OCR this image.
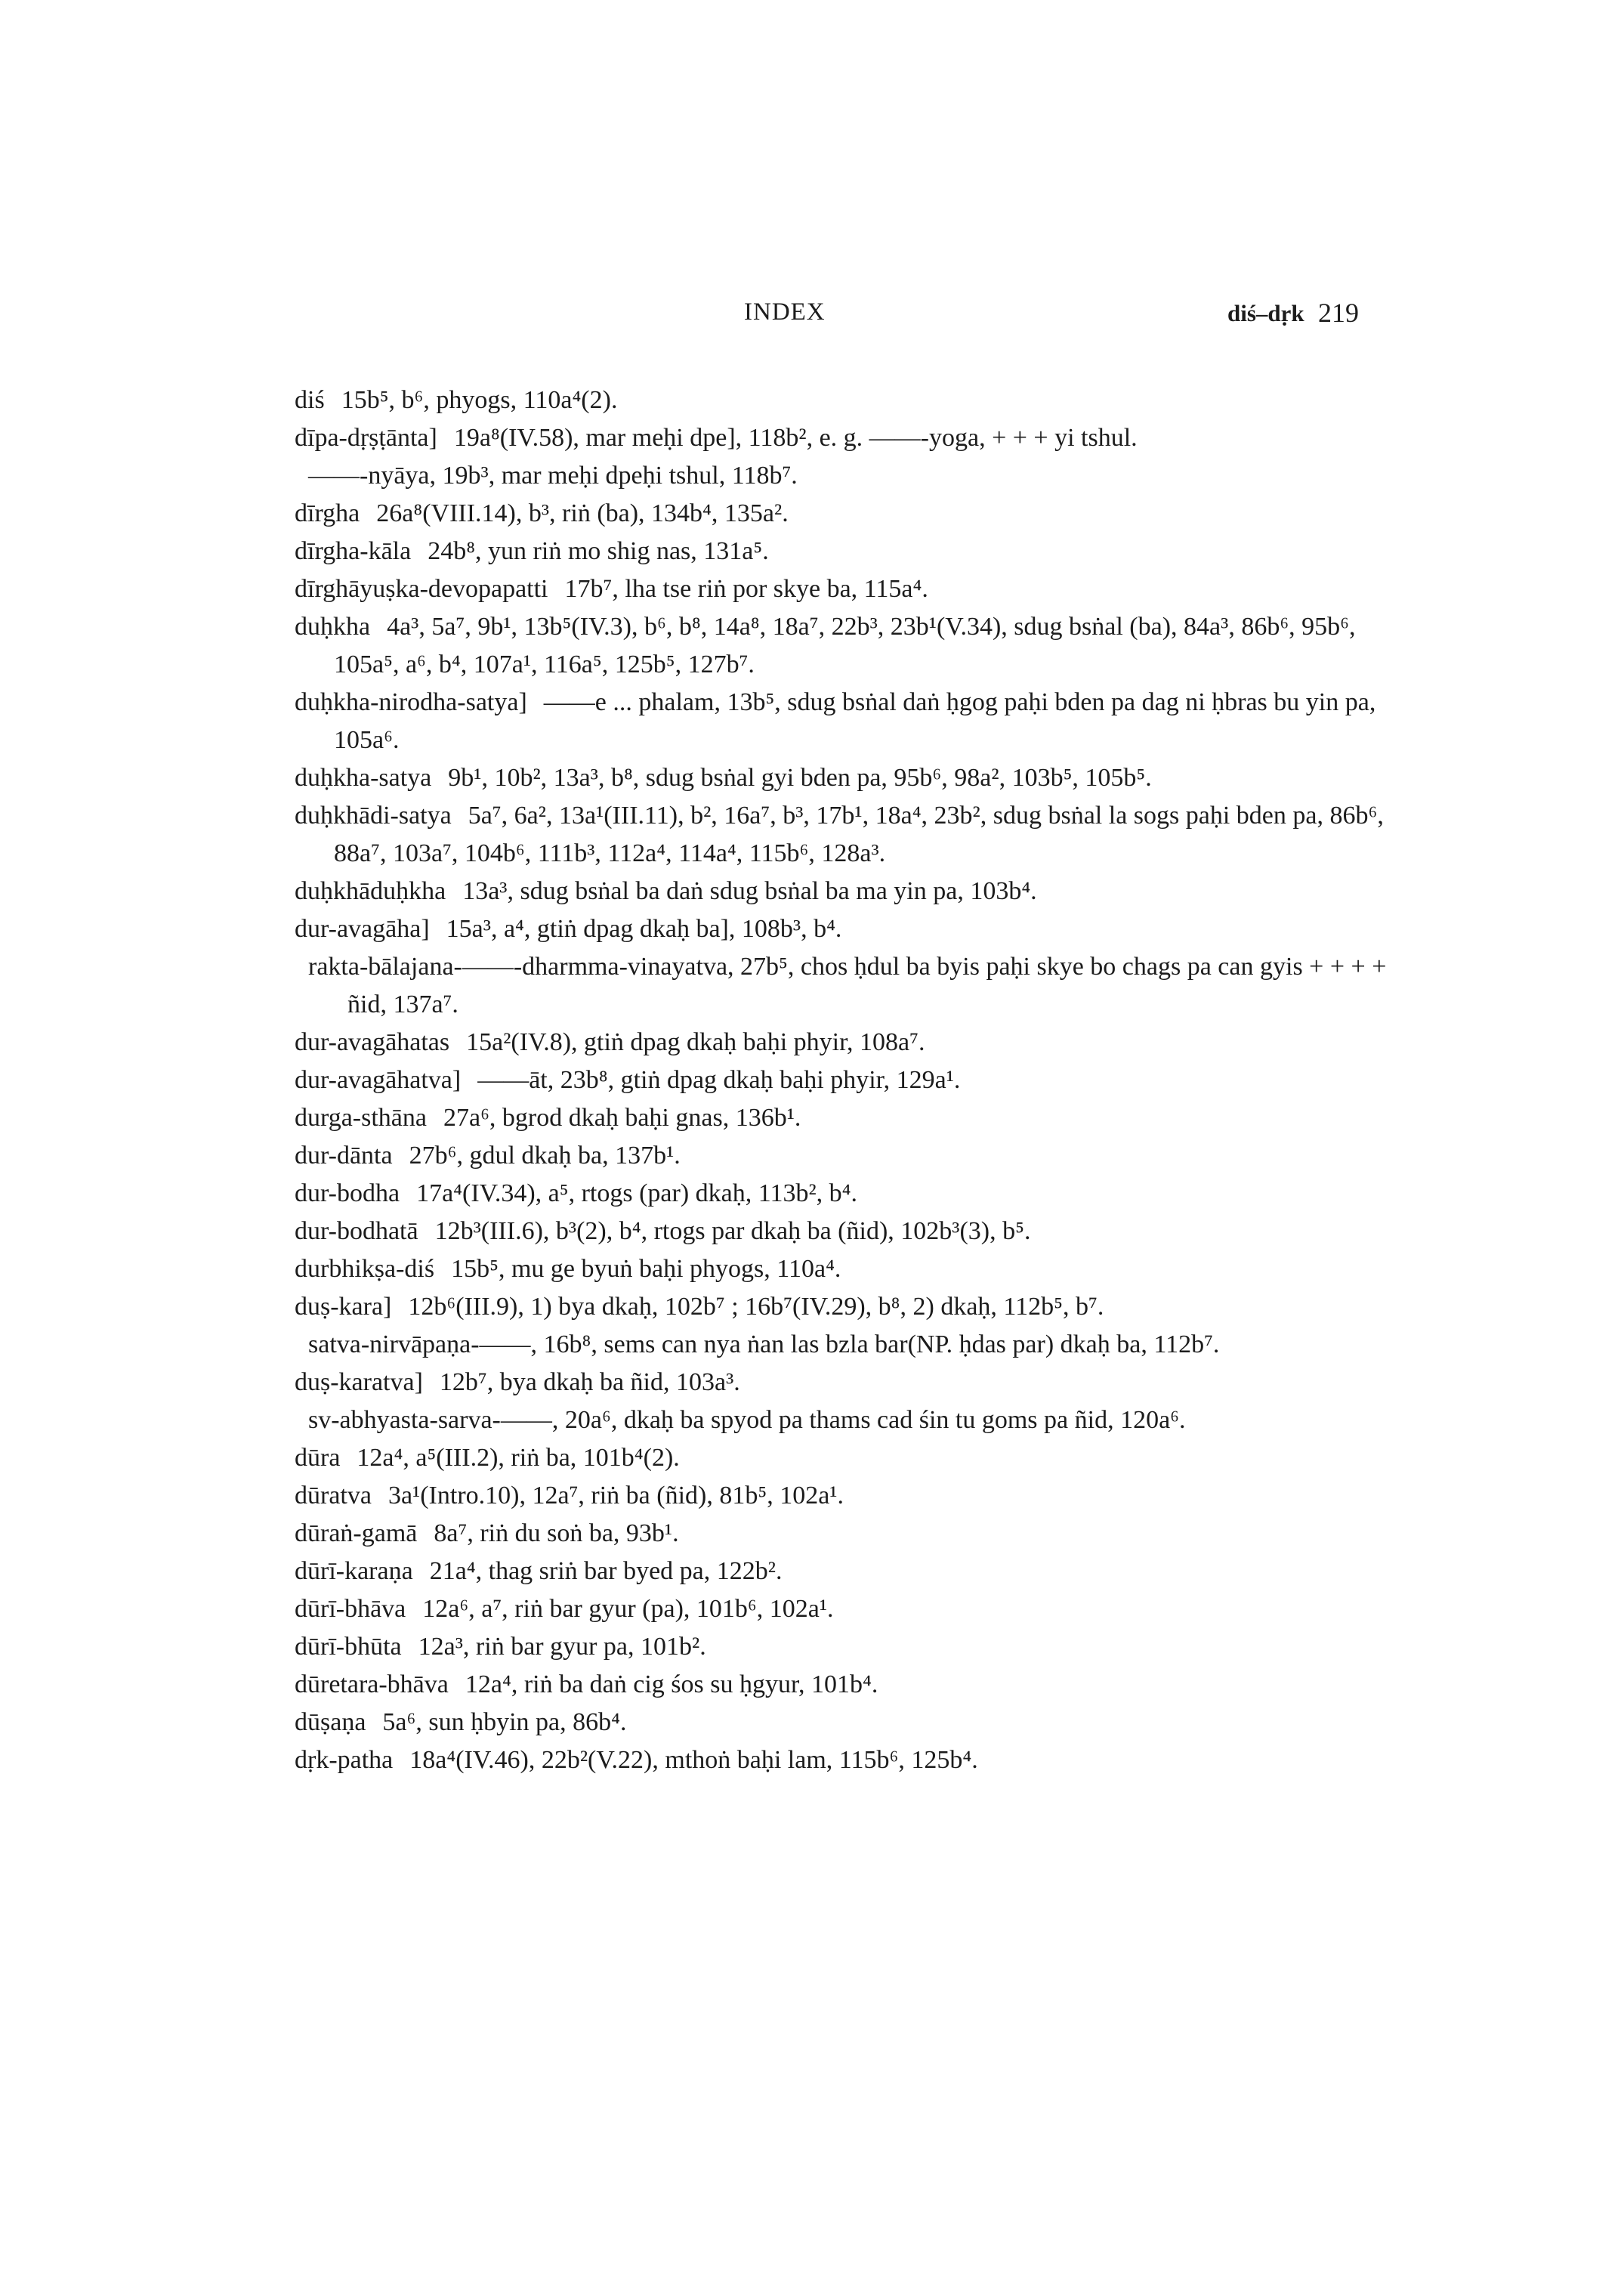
INDEX	diś–dṛk 219
diś 15b⁵, b⁶, phyogs, 110a⁴(2).
dīpa-dṛṣṭānta] 19a⁸(IV.58), mar meḥi dpe], 118b², e. g. ——-yoga, + + + yi tshul.
——-nyāya, 19b³, mar meḥi dpeḥi tshul, 118b⁷.
dīrgha 26a⁸(VIII.14), b³, riṅ (ba), 134b⁴, 135a².
dīrgha-kāla 24b⁸, yun riṅ mo shig nas, 131a⁵.
dīrghāyuṣka-devopapatti 17b⁷, lha tse riṅ por skye ba, 115a⁴.
duḥkha 4a³, 5a⁷, 9b¹, 13b⁵(IV.3), b⁶, b⁸, 14a⁸, 18a⁷, 22b³, 23b¹(V.34), sdug bsṅal (ba), 84a³, 86b⁶, 95b⁶, 105a⁵, a⁶, b⁴, 107a¹, 116a⁵, 125b⁵, 127b⁷.
duḥkha-nirodha-satya] ——e ... phalam, 13b⁵, sdug bsṅal daṅ ḥgog paḥi bden pa dag ni ḥbras bu yin pa, 105a⁶.
duḥkha-satya 9b¹, 10b², 13a³, b⁸, sdug bsṅal gyi bden pa, 95b⁶, 98a², 103b⁵, 105b⁵.
duḥkhādi-satya 5a⁷, 6a², 13a¹(III.11), b², 16a⁷, b³, 17b¹, 18a⁴, 23b², sdug bsṅal la sogs paḥi bden pa, 86b⁶, 88a⁷, 103a⁷, 104b⁶, 111b³, 112a⁴, 114a⁴, 115b⁶, 128a³.
duḥkhāduḥkha 13a³, sdug bsṅal ba daṅ sdug bsṅal ba ma yin pa, 103b⁴.
dur-avagāha] 15a³, a⁴, gtiṅ dpag dkaḥ ba], 108b³, b⁴.
rakta-bālajana-——-dharmma-vinayatva, 27b⁵, chos ḥdul ba byis paḥi skye bo chags pa can gyis + + + + ñid, 137a⁷.
dur-avagāhatas 15a²(IV.8), gtiṅ dpag dkaḥ baḥi phyir, 108a⁷.
dur-avagāhatva] ——āt, 23b⁸, gtiṅ dpag dkaḥ baḥi phyir, 129a¹.
durga-sthāna 27a⁶, bgrod dkaḥ baḥi gnas, 136b¹.
dur-dānta 27b⁶, gdul dkaḥ ba, 137b¹.
dur-bodha 17a⁴(IV.34), a⁵, rtogs (par) dkaḥ, 113b², b⁴.
dur-bodhatā 12b³(III.6), b³(2), b⁴, rtogs par dkaḥ ba (ñid), 102b³(3), b⁵.
durbhikṣa-diś 15b⁵, mu ge byuṅ baḥi phyogs, 110a⁴.
duṣ-kara] 12b⁶(III.9), 1) bya dkaḥ, 102b⁷ ; 16b⁷(IV.29), b⁸, 2) dkaḥ, 112b⁵, b⁷.
satva-nirvāpaṇa-——, 16b⁸, sems can nya ṅan las bzla bar(NP. ḥdas par) dkaḥ ba, 112b⁷.
duṣ-karatva] 12b⁷, bya dkaḥ ba ñid, 103a³.
sv-abhyasta-sarva-——, 20a⁶, dkaḥ ba spyod pa thams cad śin tu goms pa ñid, 120a⁶.
dūra 12a⁴, a⁵(III.2), riṅ ba, 101b⁴(2).
dūratva 3a¹(Intro.10), 12a⁷, riṅ ba (ñid), 81b⁵, 102a¹.
dūraṅ-gamā 8a⁷, riṅ du soṅ ba, 93b¹.
dūrī-karaṇa 21a⁴, thag sriṅ bar byed pa, 122b².
dūrī-bhāva 12a⁶, a⁷, riṅ bar gyur (pa), 101b⁶, 102a¹.
dūrī-bhūta 12a³, riṅ bar gyur pa, 101b².
dūretara-bhāva 12a⁴, riṅ ba daṅ cig śos su ḥgyur, 101b⁴.
dūṣaṇa 5a⁶, sun ḥbyin pa, 86b⁴.
dṛk-patha 18a⁴(IV.46), 22b²(V.22), mthoṅ baḥi lam, 115b⁶, 125b⁴.
